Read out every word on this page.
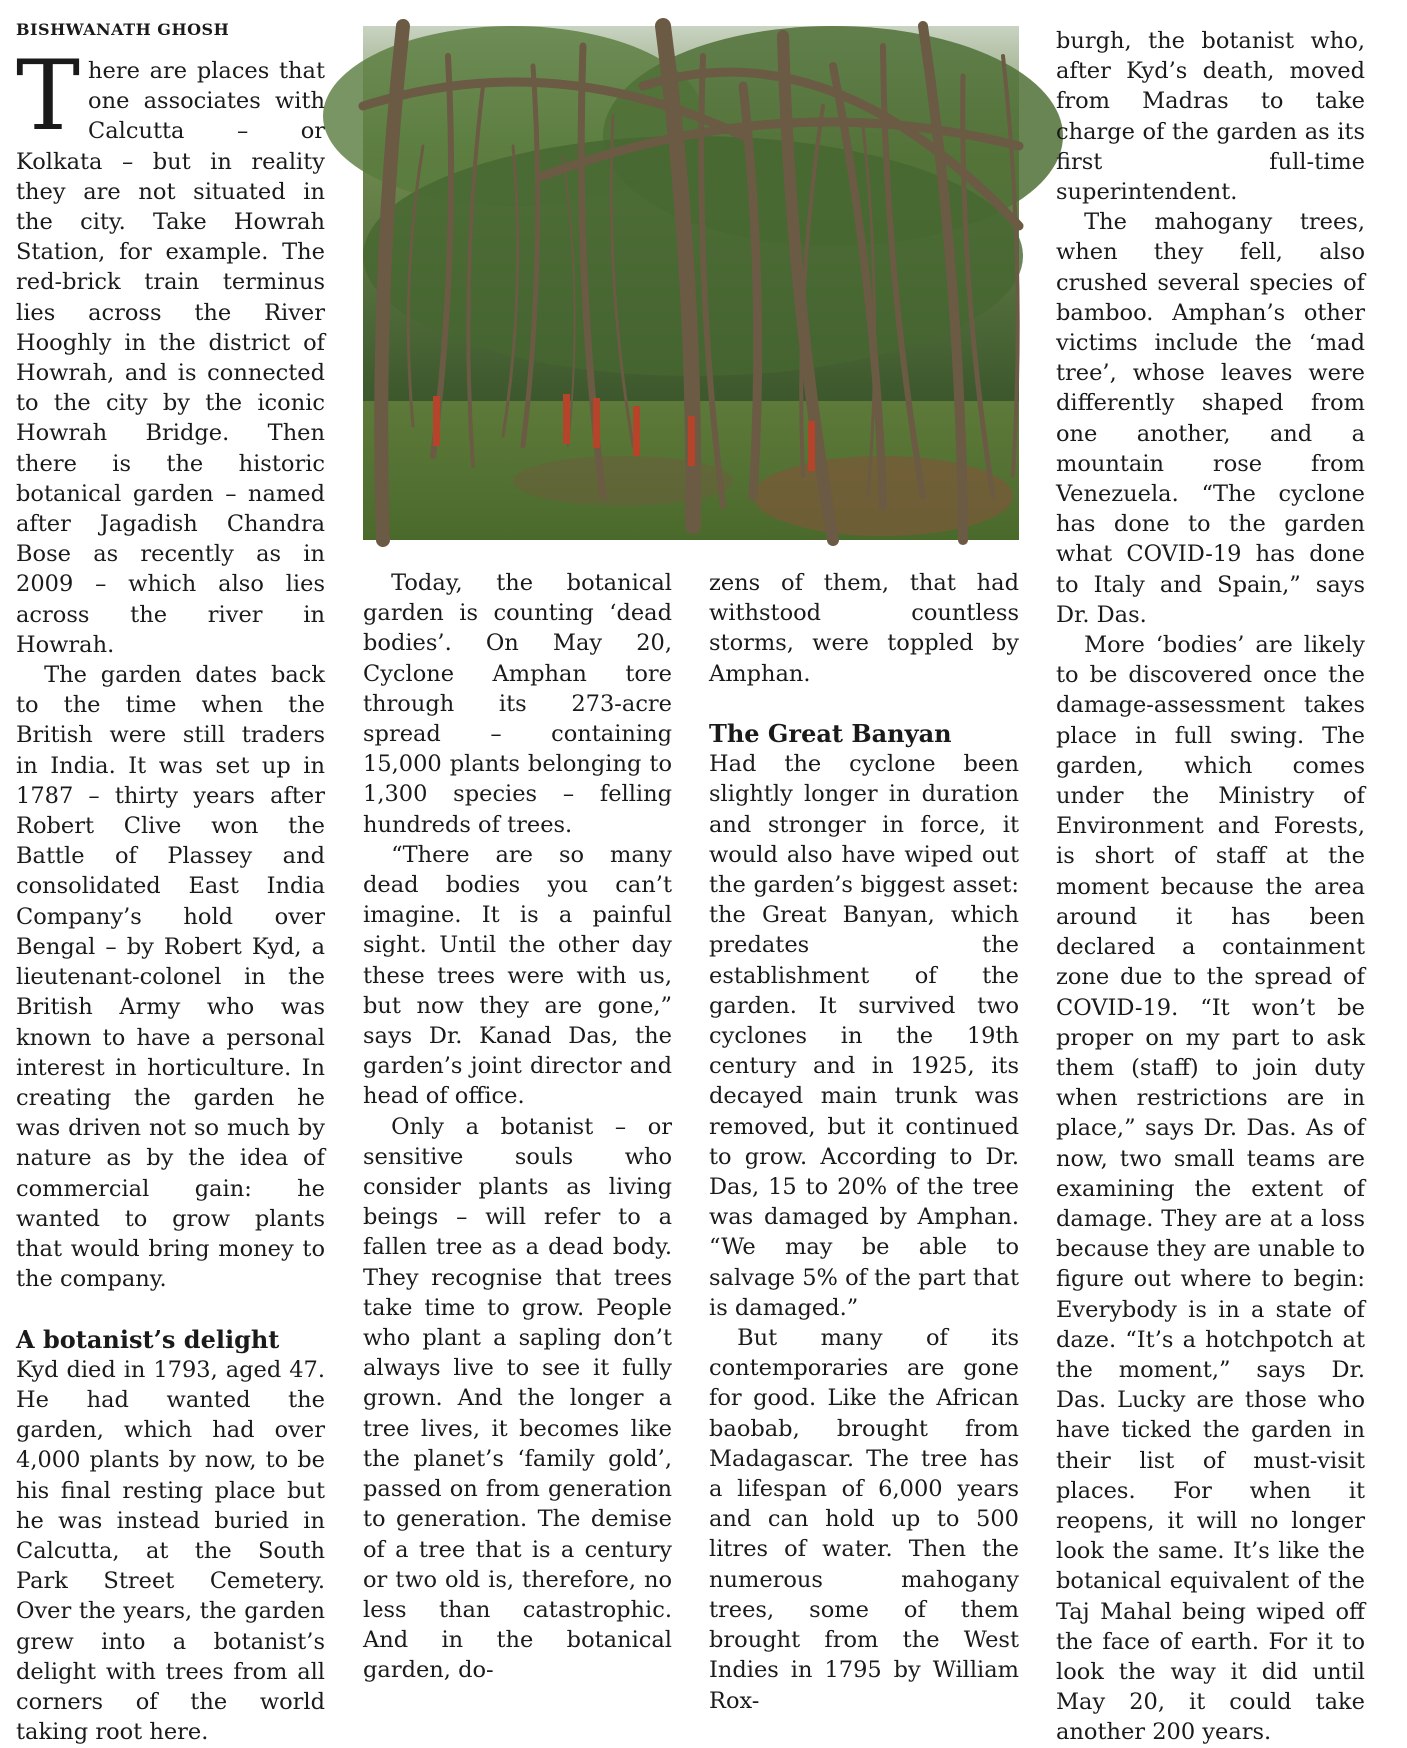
BISHWANATH GHOSH

There are places that one associates with Calcutta – or Kolkata – but in reality they are not situated in the city. Take Howrah Station, for example. The red-brick train terminus lies across the River Hooghly in the district of Howrah, and is connected to the city by the iconic Howrah Bridge. Then there is the historic botanical garden – named after Jagadish Chandra Bose as recently as in 2009 – which also lies across the river in Howrah.

The garden dates back to the time when the British were still traders in India. It was set up in 1787 – thirty years after Robert Clive won the Battle of Plassey and consolidated East India Company’s hold over Bengal – by Robert Kyd, a lieutenant-colonel in the British Army who was known to have a personal interest in horticulture. In creating the garden he was driven not so much by nature as by the idea of commercial gain: he wanted to grow plants that would bring money to the company.

A botanist’s delight

Kyd died in 1793, aged 47. He had wanted the garden, which had over 4,000 plants by now, to be his final resting place but he was instead buried in Calcutta, at the South Park Street Cemetery. Over the years, the garden grew into a botanist’s delight with trees from all corners of the world taking root here.

Today, the botanical garden is counting ‘dead bodies’. On May 20, Cyclone Amphan tore through its 273-acre spread – containing 15,000 plants belonging to 1,300 species – felling hundreds of trees.

“There are so many dead bodies you can’t imagine. It is a painful sight. Until the other day these trees were with us, but now they are gone,” says Dr. Kanad Das, the garden’s joint director and head of office.

Only a botanist – or sensitive souls who consider plants as living beings – will refer to a fallen tree as a dead body. They recognise that trees take time to grow. People who plant a sapling don’t always live to see it fully grown. And the longer a tree lives, it becomes like the planet’s ‘family gold’, passed on from generation to generation. The demise of a tree that is a century or two old is, therefore, no less than catastrophic. And in the botanical garden, do-

zens of them, that had withstood countless storms, were toppled by Amphan.

The Great Banyan

Had the cyclone been slightly longer in duration and stronger in force, it would also have wiped out the garden’s biggest asset: the Great Banyan, which predates the establishment of the garden. It survived two cyclones in the 19th century and in 1925, its decayed main trunk was removed, but it continued to grow. According to Dr. Das, 15 to 20% of the tree was damaged by Amphan. “We may be able to salvage 5% of the part that is damaged.”

But many of its contemporaries are gone for good. Like the African baobab, brought from Madagascar. The tree has a lifespan of 6,000 years and can hold up to 500 litres of water. Then the numerous mahogany trees, some of them brought from the West Indies in 1795 by William Rox-

burgh, the botanist who, after Kyd’s death, moved from Madras to take charge of the garden as its first full-time superintendent.

The mahogany trees, when they fell, also crushed several species of bamboo. Amphan’s other victims include the ‘mad tree’, whose leaves were differently shaped from one another, and a mountain rose from Venezuela. “The cyclone has done to the garden what COVID-19 has done to Italy and Spain,” says Dr. Das.

More ‘bodies’ are likely to be discovered once the damage-assessment takes place in full swing. The garden, which comes under the Ministry of Environment and Forests, is short of staff at the moment because the area around it has been declared a containment zone due to the spread of COVID-19. “It won’t be proper on my part to ask them (staff) to join duty when restrictions are in place,” says Dr. Das. As of now, two small teams are examining the extent of damage. They are at a loss because they are unable to figure out where to begin: Everybody is in a state of daze. “It’s a hotchpotch at the moment,” says Dr. Das. Lucky are those who have ticked the garden in their list of must-visit places. For when it reopens, it will no longer look the same. It’s like the botanical equivalent of the Taj Mahal being wiped off the face of earth. For it to look the way it did until May 20, it could take another 200 years.
